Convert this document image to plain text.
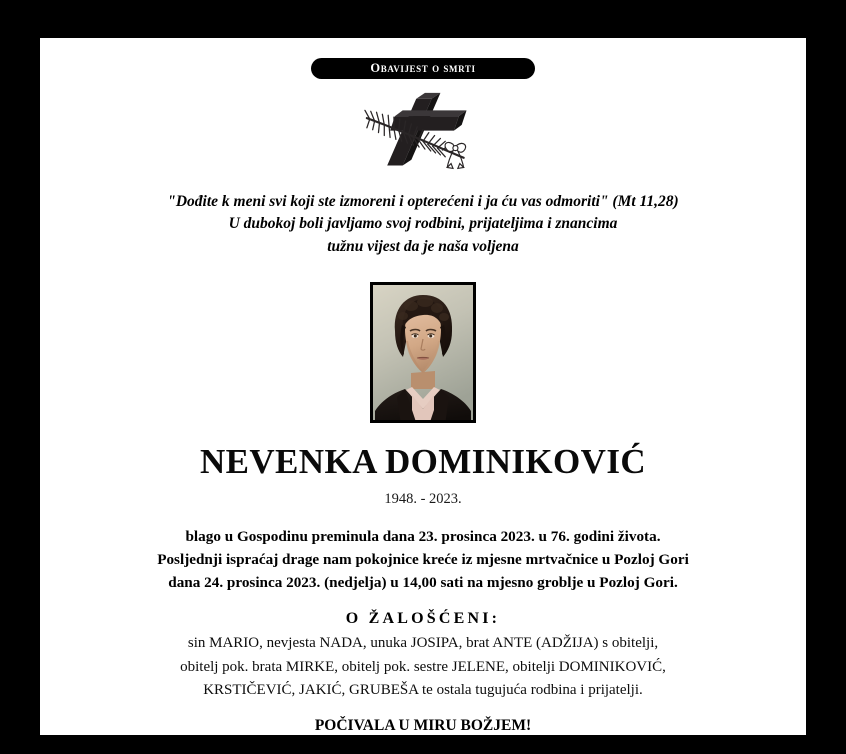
Obavijest o smrti
"Dođite k meni svi koji ste izmoreni i opterećeni i ja ću vas odmoriti" (Mt 11,28)
U dubokoj boli javljamo svoj rodbini, prijateljima i znancima
tužnu vijest da je naša voljena
NEVENKA DOMINIKOVIĆ
1948. - 2023.
blago u Gospodinu preminula dana 23. prosinca 2023. u 76. godini života.
Posljednji ispraćaj drage nam pokojnice kreće iz mjesne mrtvačnice u Pozloj Gori
dana 24. prosinca 2023. (nedjelja) u 14,00 sati na mjesno groblje u Pozloj Gori.
O ŽALOŠĆENI:
sin MARIO, nevjesta NADA, unuka JOSIPA, brat ANTE (ADŽIJA) s obitelji,
obitelj pok. brata MIRKE, obitelj pok. sestre JELENE, obitelji DOMINIKOVIĆ,
KRSTIČEVIĆ, JAKIĆ, GRUBEŠA te ostala tugujuća rodbina i prijatelji.
POČIVALA U MIRU BOŽJEM!
